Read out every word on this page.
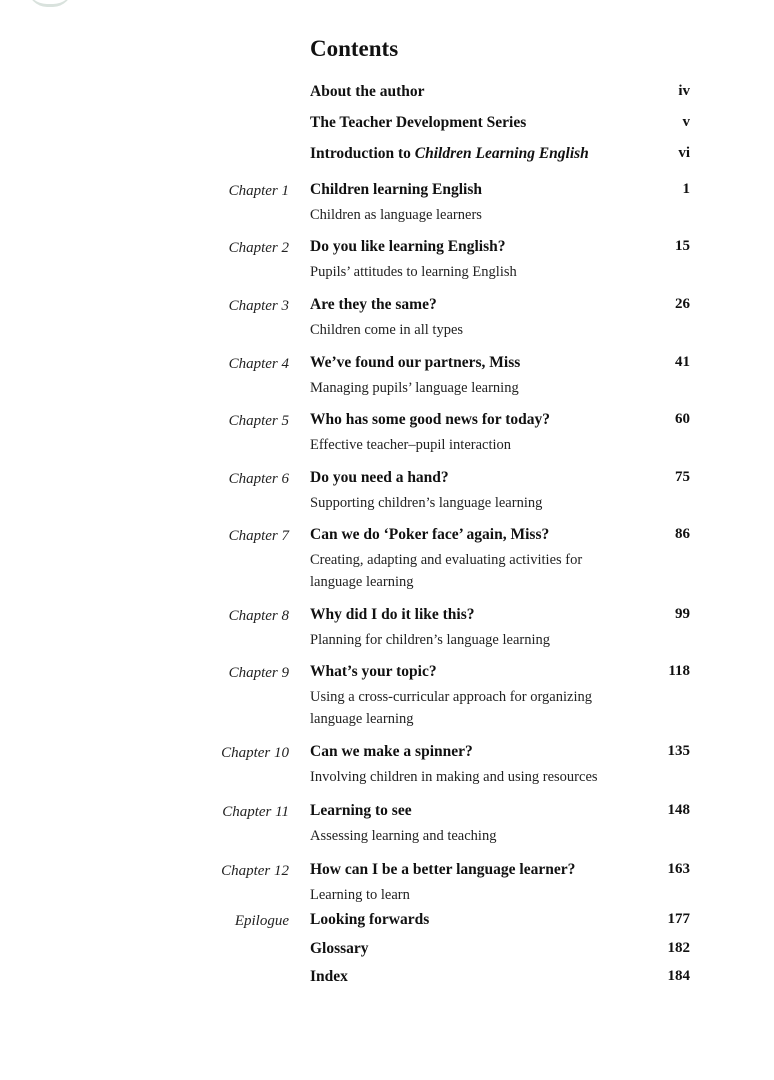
Contents
About the author	iv
The Teacher Development Series	v
Introduction to Children Learning English	vi
Chapter 1 Children learning English	1
Children as language learners
Chapter 2 Do you like learning English?	15
Pupils’ attitudes to learning English
Chapter 3 Are they the same?	26
Children come in all types
Chapter 4 We’ve found our partners, Miss	41
Managing pupils’ language learning
Chapter 5 Who has some good news for today?	60
Effective teacher–pupil interaction
Chapter 6 Do you need a hand?	75
Supporting children’s language learning
Chapter 7 Can we do ‘Poker face’ again, Miss?	86
Creating, adapting and evaluating activities for language learning
Chapter 8 Why did I do it like this?	99
Planning for children’s language learning
Chapter 9 What’s your topic?	118
Using a cross-curricular approach for organizing language learning
Chapter 10 Can we make a spinner?	135
Involving children in making and using resources
Chapter 11 Learning to see	148
Assessing learning and teaching
Chapter 12 How can I be a better language learner?	163
Learning to learn
Epilogue Looking forwards	177
Glossary	182
Index	184
